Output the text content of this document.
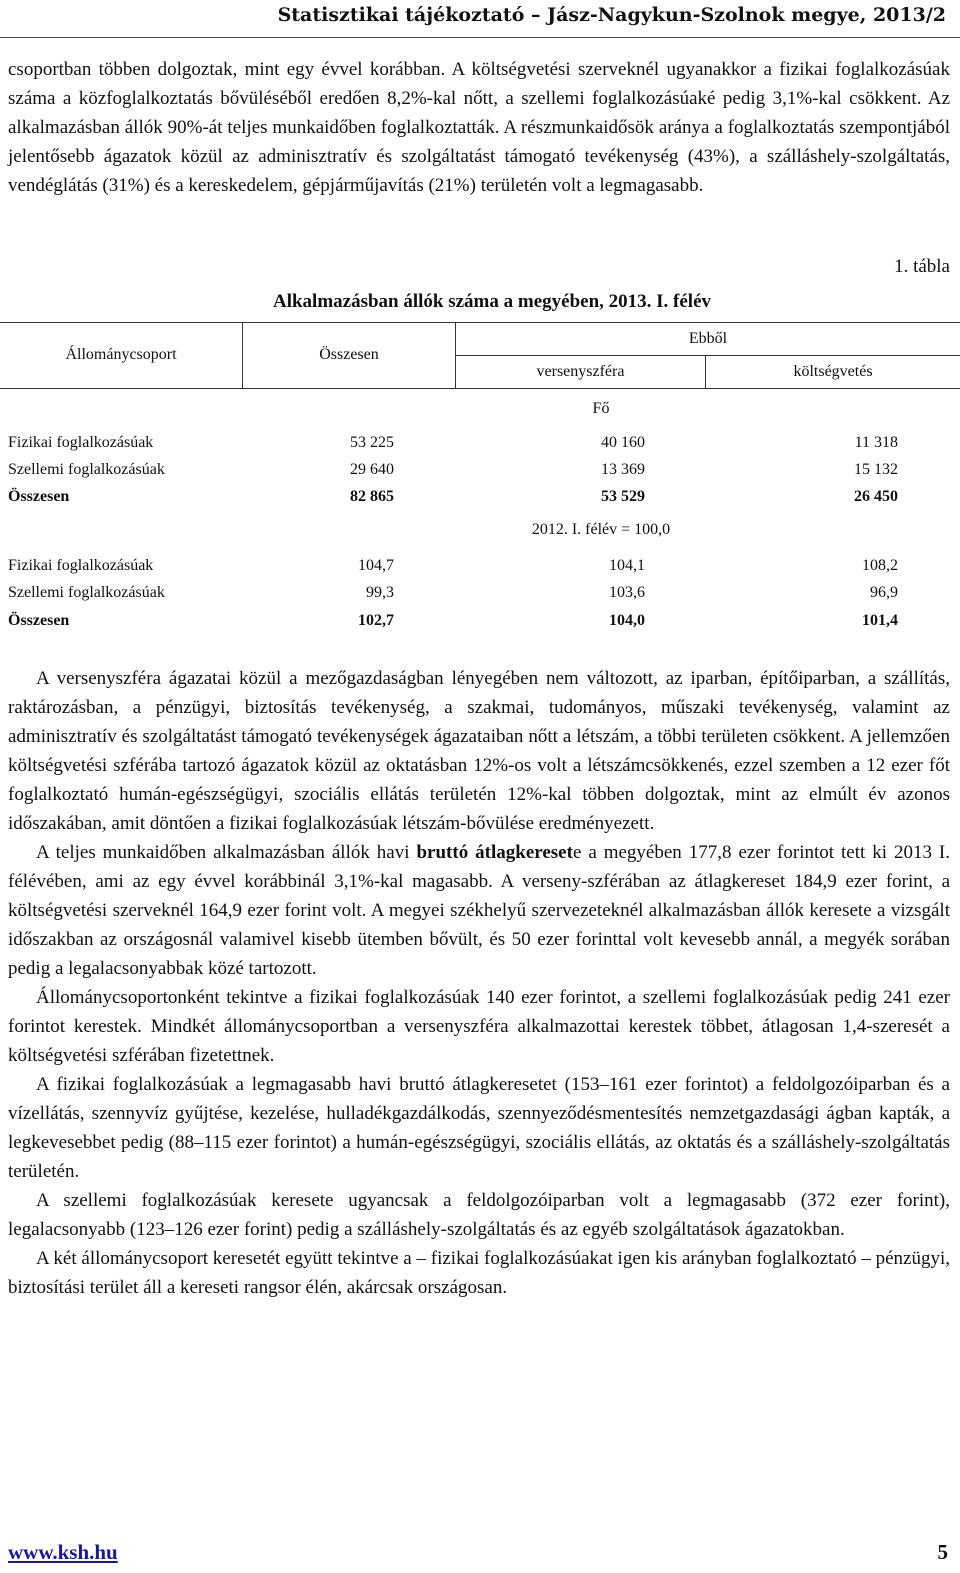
Statisztikai tájékoztató – Jász-Nagykun-Szolnok megye, 2013/2

csoportban többen dolgoztak, mint egy évvel korábban. A költségvetési szerveknél ugyanakkor a fizikai foglalkozásúak száma a közfoglalkoztatás bővüléséből eredően 8,2%-kal nőtt, a szellemi foglalkozásúaké pedig 3,1%-kal csökkent. Az alkalmazásban állók 90%-át teljes munkaidőben foglalkoztatták. A részmunkaidősök aránya a foglalkoztatás szempontjából jelentősebb ágazatok közül az adminisztratív és szolgáltatást támogató tevékenység (43%), a szálláshely-szolgáltatás, vendéglátás (31%) és a kereskedelem, gépjárműjavítás (21%) területén volt a legmagasabb.

1. tábla
Alkalmazásban állók száma a megyében, 2013. I. félév
Állománycsoport	Összesen
Ebből
versenyszféra	költségvetés
Fő
Fizikai foglalkozásúak	53 225	40 160	11 318
Szellemi foglalkozásúak	29 640	13 369	15 132
Összesen	82 865	53 529	26 450
2012. I. félév = 100,0
Fizikai foglalkozásúak	104,7	104,1	108,2
Szellemi foglalkozásúak	99,3	103,6	96,9
Összesen	102,7	104,0	101,4

A versenyszféra ágazatai közül a mezőgazdaságban lényegében nem változott, az iparban, építőiparban, a szállítás, raktározásban, a pénzügyi, biztosítás tevékenység, a szakmai, tudományos, műszaki tevékenység, valamint az adminisztratív és szolgáltatást támogató tevékenységek ágazataiban nőtt a létszám, a többi területen csökkent. A jellemzően költségvetési szférába tartozó ágazatok közül az oktatásban 12%-os volt a létszámcsökkenés, ezzel szemben a 12 ezer főt foglalkoztató humán-egészségügyi, szociális ellátás területén 12%-kal többen dolgoztak, mint az elmúlt év azonos időszakában, amit döntően a fizikai foglalkozásúak létszám-bővülése eredményezett.

A teljes munkaidőben alkalmazásban állók havi bruttó átlagkeresete a megyében 177,8 ezer forintot tett ki 2013 I. félévében, ami az egy évvel korábbinál 3,1%-kal magasabb. A verseny-szférában az átlagkereset 184,9 ezer forint, a költségvetési szerveknél 164,9 ezer forint volt. A megyei székhelyű szervezeteknél alkalmazásban állók keresete a vizsgált időszakban az országosnál valamivel kisebb ütemben bővült, és 50 ezer forinttal volt kevesebb annál, a megyék sorában pedig a legalacsonyabbak közé tartozott.

Állománycsoportonként tekintve a fizikai foglalkozásúak 140 ezer forintot, a szellemi foglalkozásúak pedig 241 ezer forintot kerestek. Mindkét állománycsoportban a versenyszféra alkalmazottai kerestek többet, átlagosan 1,4-szeresét a költségvetési szférában fizetettnek.

A fizikai foglalkozásúak a legmagasabb havi bruttó átlagkeresetet (153–161 ezer forintot) a feldolgozóiparban és a vízellátás, szennyvíz gyűjtése, kezelése, hulladékgazdálkodás, szennyeződésmentesítés nemzetgazdasági ágban kapták, a legkevesebbet pedig (88–115 ezer forintot) a humán-egészségügyi, szociális ellátás, az oktatás és a szálláshely-szolgáltatás területén.

A szellemi foglalkozásúak keresete ugyancsak a feldolgozóiparban volt a legmagasabb (372 ezer forint), legalacsonyabb (123–126 ezer forint) pedig a szálláshely-szolgáltatás és az egyéb szolgáltatások ágazatokban.

A két állománycsoport keresetét együtt tekintve a – fizikai foglalkozásúakat igen kis arányban foglalkoztató – pénzügyi, biztosítási terület áll a kereseti rangsor élén, akárcsak országosan.

www.ksh.hu	5
